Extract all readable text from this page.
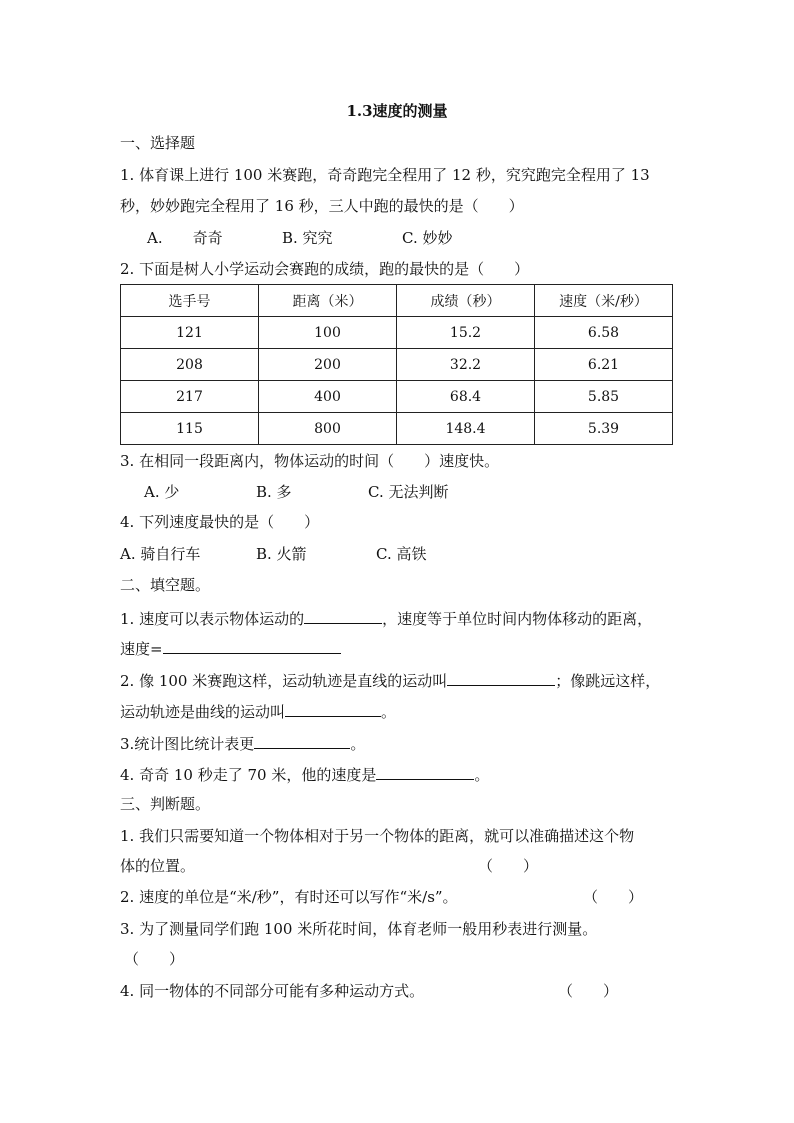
1.3速度的测量
一、选择题
1. 体育课上进行 100 米赛跑，奇奇跑完全程用了 12 秒，究究跑完全程用了 13
秒，妙妙跑完全程用了 16 秒，三人中跑的最快的是（　　）
A.　　奇奇	B. 究究	C. 妙妙
2. 下面是树人小学运动会赛跑的成绩，跑的最快的是（　　）
选手号	距离（米）	成绩（秒）	速度（米/秒）
121	100	15.2	6.58
208	200	32.2	6.21
217	400	68.4	5.85
115	800	148.4	5.39
3. 在相同一段距离内，物体运动的时间（　　）速度快。
A. 少	B. 多	C. 无法判断
4. 下列速度最快的是（　　）
A. 骑自行车	B. 火箭	C. 高铁
二、填空题。
1. 速度可以表示物体运动的	，速度等于单位时间内物体移动的距离，
速度=
2. 像 100 米赛跑这样，运动轨迹是直线的运动叫	；像跳远这样，
运动轨迹是曲线的运动叫	。
3.统计图比统计表更	。
4. 奇奇 10 秒走了 70 米，他的速度是	。
三、判断题。
1. 我们只需要知道一个物体相对于另一个物体的距离，就可以准确描述这个物
体的位置。	（　　）
2. 速度的单位是“米/秒”，有时还可以写作“米/s”。	（　　）
3. 为了测量同学们跑 100 米所花时间，体育老师一般用秒表进行测量。
（　　）
4. 同一物体的不同部分可能有多种运动方式。	（　　）
